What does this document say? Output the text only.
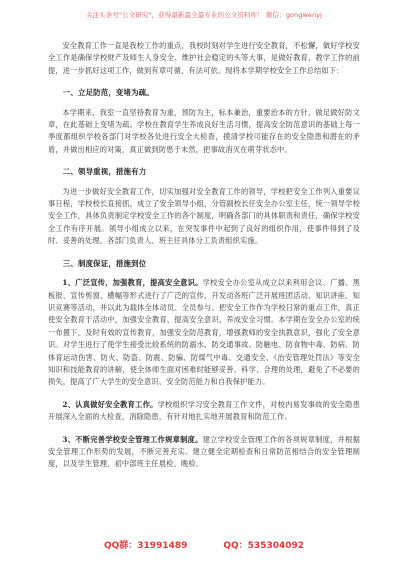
关注头条号"公文研究"，获得最新最全最专业的公文资料库！ 微信：gongwenyj

安全教育工作一直是我校工作的重点，我校时刻对学生进行安全教育，不松懈，做好学校安全工作是确保学校财产及师生人身安全、维护社会稳定的头等大事，是做好教育、教学工作的前提，进一步抓好这项工作，做到有章可循，有法可依。现将本学期学校安全工作总结如下：

一、立足防范，变堵为疏。

本学期来，我室一直坚持教育为重，预防为主，标本兼治，重要治本的方针，做足做好防文章，在此基础上变堵为疏。学校在教育学生养成良好生活习惯，提高安全防范意识的基础上每一季度都组织学校各部门对学校各处进行安全大检查，摸清学校可能存在的安全隐患和潜在的矛盾，并做出相应的对策，真正做到防患于未然，把事故消灭在萌芽状态中。

二、领导重视，措施有力

为进一步做好安全教育工作，切实加强对安全教育工作的领导，学校把安全工作列入重要议事日程，学校校长直接抓，成立了安全领导小组，分管副校长任安全办公室主任，统一领导学校安全工作，具体负责制定学校安全工作的各个制度，明确各部门的具体职责和责任，确保学校安全工作有序开展。领导小组成立以来，在突发事件中起到了良好的组织作用，使事件得到了及时、妥善的处理。各部门负责人、班主任具体分工负责组织实施。

三、制度保证，措施到位

1、广泛宣传，加强教育，提高安全意识。学校安全办公室从成立以来利用会议、广播、黑板报、宣传剪窗、横幅等形式进行了广泛的宣传，开发动各班广泛开展班团活动、知识讲座、知识竞赛等活动，并以此为载体全体动员、全员参与。把安全工作作为学校日常的重点工作，真正使安全教育于活动中，加强安全教育，提高安全意识，养成安全习惯。本学期在安全办公室的统一布置下，及时有效的宣传教育，加强安全防范教育，增强教师的安全执教意识，强化了安全意识。对学生进行了使学生接受比较系统的防溺水、防交通事故、防触电、防食物中毒、防病、防体育运动伤害、防火、防盗、防震、防骗、防煤气中毒、交通安全、《治安管理处罚法》等安全知识和技能教育的讲解，使全体师生面对困难时能够妥善、科学、合理的处理，避免了不必要的损失，提高了广大学生的安全意识、安全防范能力和自我保护能力。

2、认真做好安全教育工作。学校组织学习安全教育工作文件，对校内易发事故的安全隐患开展深入全面的大检查，消除隐患，有针对地扎实地开展教育和防范工作。

3、不断完善学校安全管理工作规章制度。建立学校安全管理工作的各项规章制度，并根据安全管理工作形势的发展，不断完善充实。建立健全定期检查和日常防范相结合的安全管理制度，以及学生管理、初中部班主任晨检、晚检、

QQ群：31991489	QQ：535304092
